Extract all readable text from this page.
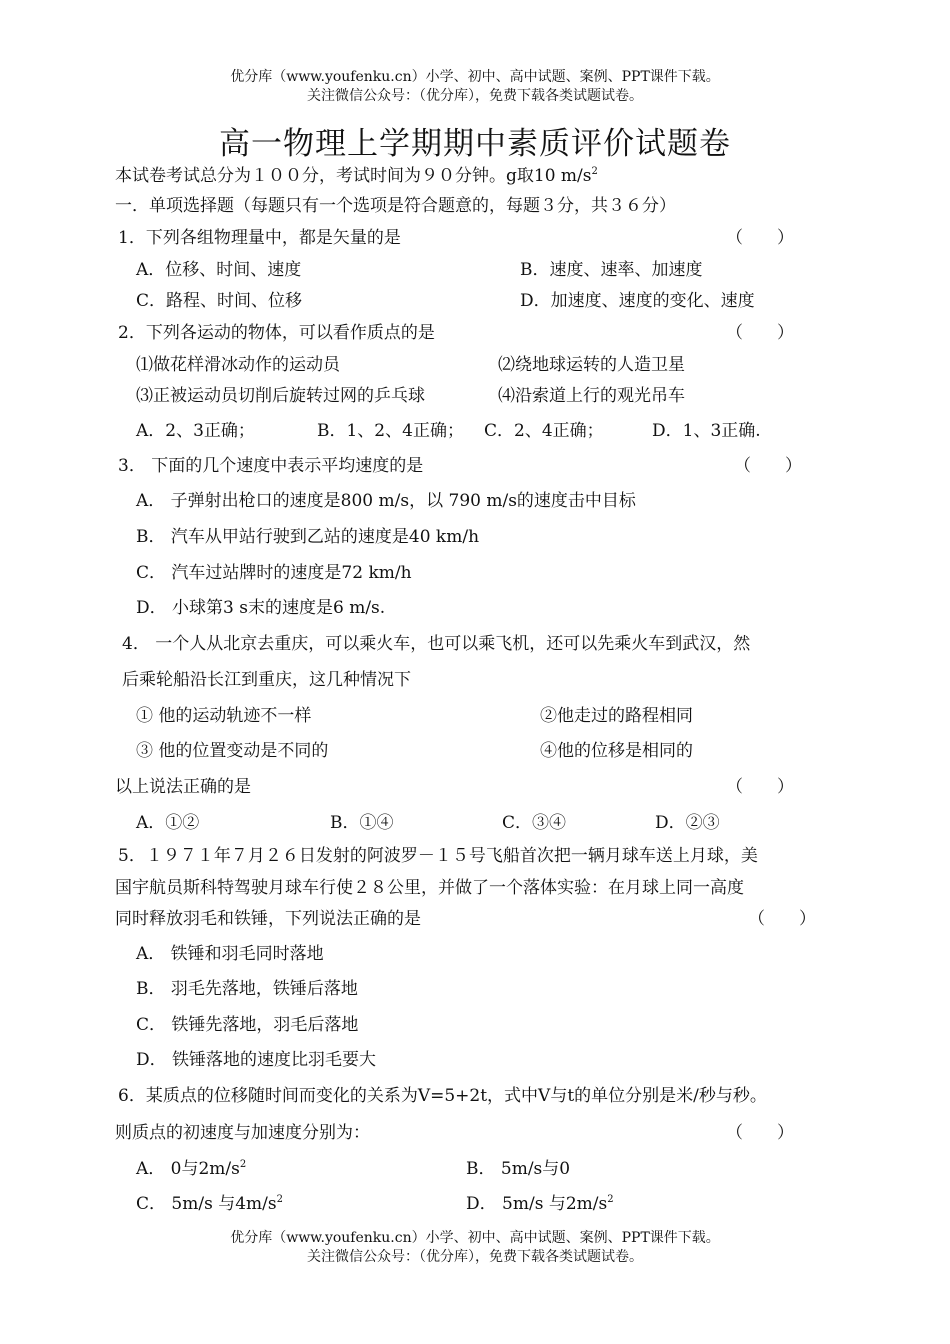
优分库（www.youfenku.cn）小学、初中、高中试题、案例、PPT课件下载。
关注微信公众号：（优分库），免费下载各类试题试卷。
高一物理上学期期中素质评价试题卷
本试卷考试总分为１００分，考试时间为９０分钟。g取10 $m/s^2$
一．单项选择题（每题只有一个选项是符合题意的，每题３分，共３６分）
1．下列各组物理量中，都是矢量的是	（　　）
A．位移、时间、速度	B．速度、速率、加速度
C．路程、时间、位移	D．加速度、速度的变化、速度
2．下列各运动的物体，可以看作质点的是	（　　）
⑴做花样滑冰动作的运动员	⑵绕地球运转的人造卫星
⑶正被运动员切削后旋转过网的乒乓球	⑷沿索道上行的观光吊车
A．2、3正确；	B．1、2、4正确； C．2、4正确；	D．1、3正确.
3． 下面的几个速度中表示平均速度的是	（　　）
A． 子弹射出枪口的速度是800 m/s，以 790 m/s的速度击中目标
B． 汽车从甲站行驶到乙站的速度是40 km/h
C． 汽车过站牌时的速度是72 km/h
D． 小球第3 s末的速度是6 m/s.
4． 一个人从北京去重庆，可以乘火车，也可以乘飞机，还可以先乘火车到武汉，然
后乘轮船沿长江到重庆，这几种情况下
① 他的运动轨迹不一样	②他走过的路程相同
③ 他的位置变动是不同的	④他的位移是相同的
以上说法正确的是	（　　）
A．①②	B．①④	C．③④	D．②③
5．１９７１年７月２６日发射的阿波罗－１５号飞船首次把一辆月球车送上月球，美
国宇航员斯科特驾驶月球车行使２８公里，并做了一个落体实验：在月球上同一高度
同时释放羽毛和铁锤，下列说法正确的是	（　　）
A． 铁锤和羽毛同时落地
B． 羽毛先落地，铁锤后落地
C． 铁锤先落地，羽毛后落地
D． 铁锤落地的速度比羽毛要大
6．某质点的位移随时间而变化的关系为V=5+2t，式中V与t的单位分别是米/秒与秒。
则质点的初速度与加速度分别为：	（　　）
A． 0与$2m/s^2$	B． 5m/s与0
C． 5m/s 与$4m/s^2$	D． 5m/s 与$2m/s^2$
优分库（www.youfenku.cn）小学、初中、高中试题、案例、PPT课件下载。
关注微信公众号：（优分库），免费下载各类试题试卷。
